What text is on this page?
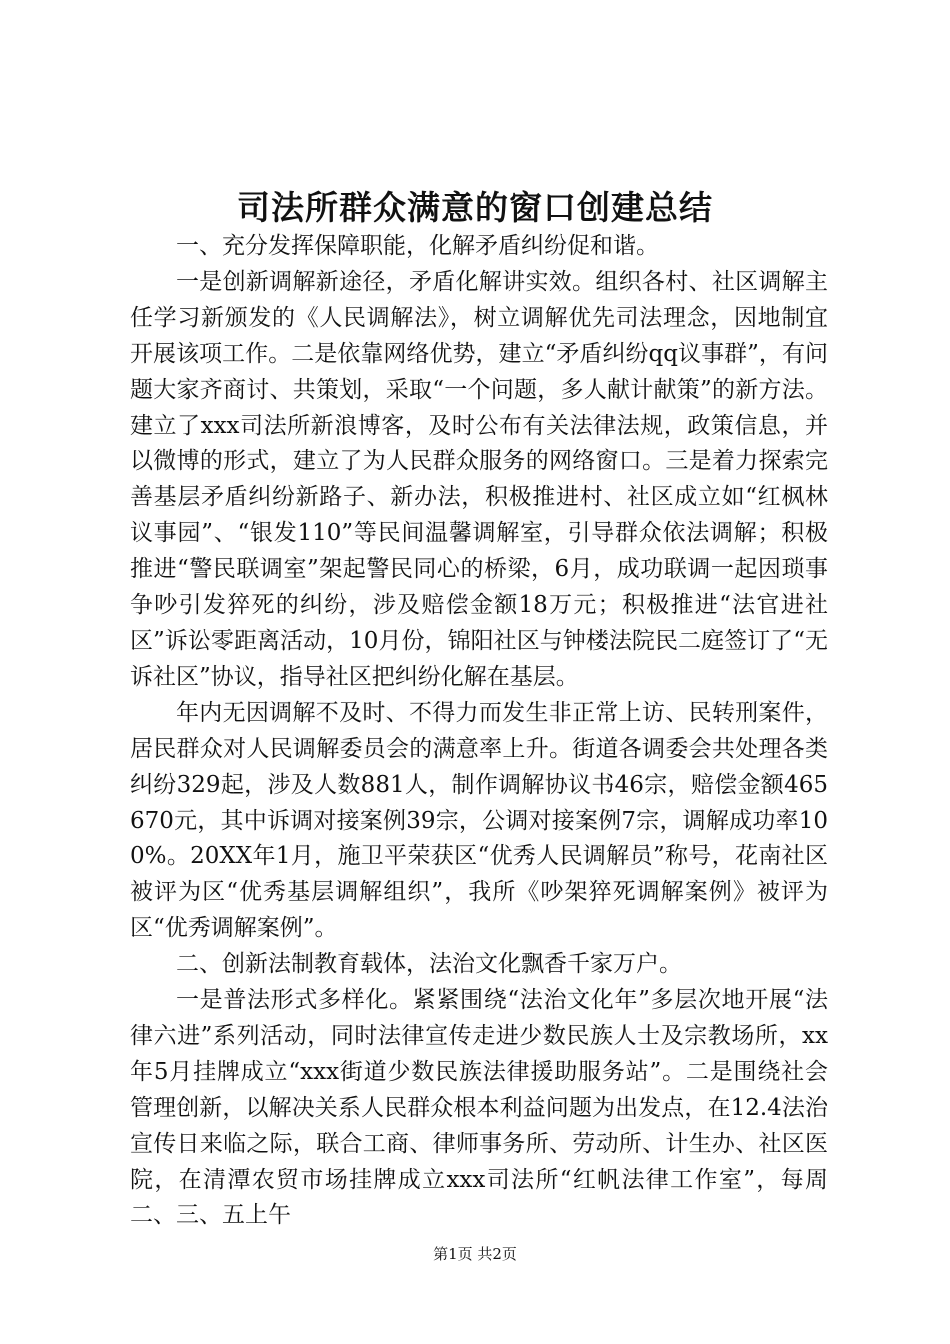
司法所群众满意的窗口创建总结

一、充分发挥保障职能，化解矛盾纠纷促和谐。

一是创新调解新途径，矛盾化解讲实效。组织各村、社区调解主任学习新颁发的《人民调解法》，树立调解优先司法理念，因地制宜开展该项工作。二是依靠网络优势，建立“矛盾纠纷qq议事群”，有问题大家齐商讨、共策划，采取“一个问题，多人献计献策”的新方法。建立了xxx司法所新浪博客，及时公布有关法律法规，政策信息，并以微博的形式，建立了为人民群众服务的网络窗口。三是着力探索完善基层矛盾纠纷新路子、新办法，积极推进村、社区成立如“红枫林议事园”、“银发110”等民间温馨调解室，引导群众依法调解；积极推进“警民联调室”架起警民同心的桥梁，6月，成功联调一起因琐事争吵引发猝死的纠纷，涉及赔偿金额18万元；积极推进“法官进社区”诉讼零距离活动，10月份，锦阳社区与钟楼法院民二庭签订了“无诉社区”协议，指导社区把纠纷化解在基层。

年内无因调解不及时、不得力而发生非正常上访、民转刑案件，居民群众对人民调解委员会的满意率上升。街道各调委会共处理各类纠纷329起，涉及人数881人，制作调解协议书46宗，赔偿金额465670元，其中诉调对接案例39宗，公调对接案例7宗，调解成功率100%。20XX年1月，施卫平荣获区“优秀人民调解员”称号，花南社区被评为区“优秀基层调解组织”，我所《吵架猝死调解案例》被评为区“优秀调解案例”。

二、创新法制教育载体，法治文化飘香千家万户。

一是普法形式多样化。紧紧围绕“法治文化年”多层次地开展“法律六进”系列活动，同时法律宣传走进少数民族人士及宗教场所，xx年5月挂牌成立“xxx街道少数民族法律援助服务站”。二是围绕社会管理创新，以解决关系人民群众根本利益问题为出发点，在12.4法治宣传日来临之际，联合工商、律师事务所、劳动所、计生办、社区医院，在清潭农贸市场挂牌成立xxx司法所“红帆法律工作室”，每周二、三、五上午

第1页 共2页
